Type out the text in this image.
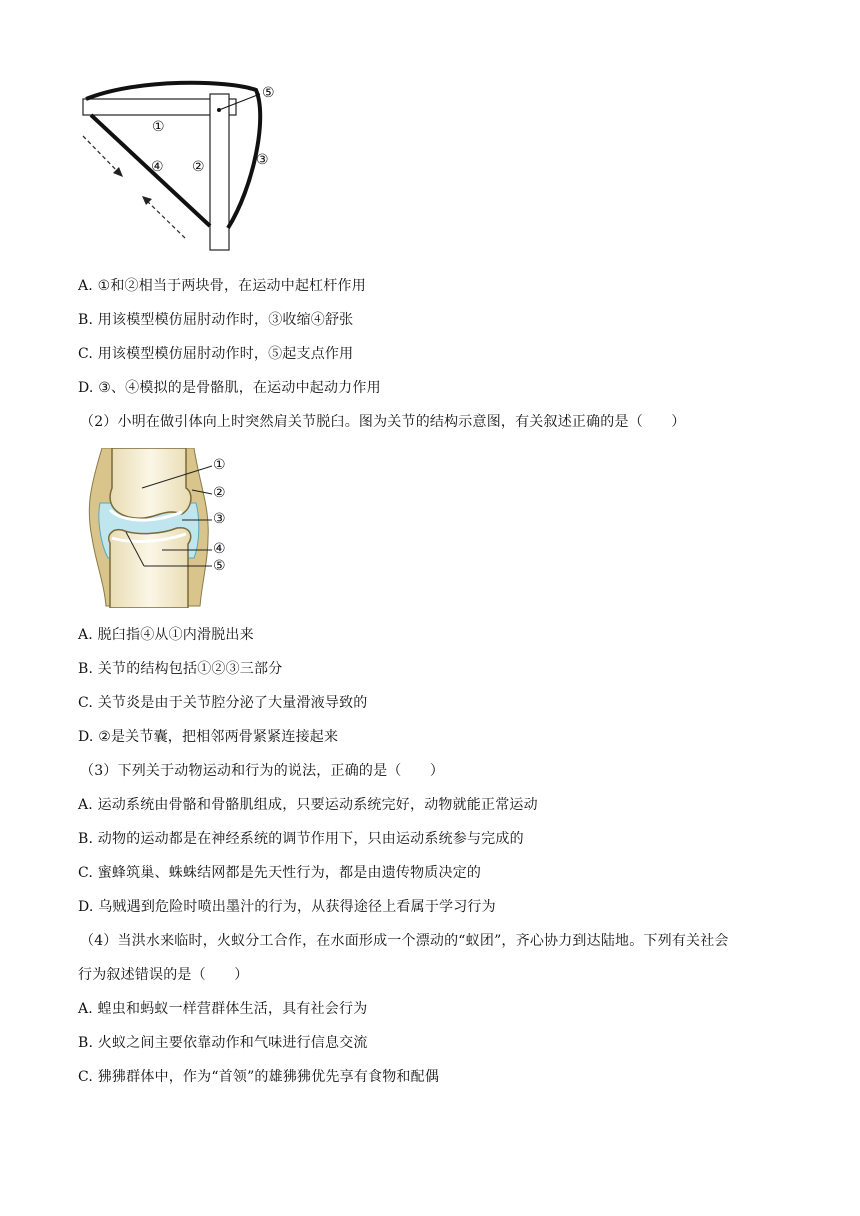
①
④ ②	③
⑤
A. ①和②相当于两块骨，在运动中起杠杆作用
B. 用该模型模仿屈肘动作时，③收缩④舒张
C. 用该模型模仿屈肘动作时，⑤起支点作用
D. ③、④模拟的是骨骼肌，在运动中起动力作用
（2）小明在做引体向上时突然肩关节脱臼。图为关节的结构示意图，有关叙述正确的是（　　）
①
②
③
④
⑤
A. 脱臼指④从①内滑脱出来
B. 关节的结构包括①②③三部分
C. 关节炎是由于关节腔分泌了大量滑液导致的
D. ②是关节囊，把相邻两骨紧紧连接起来
（3）下列关于动物运动和行为的说法，正确的是（　　）
A. 运动系统由骨骼和骨骼肌组成，只要运动系统完好，动物就能正常运动
B. 动物的运动都是在神经系统的调节作用下，只由运动系统参与完成的
C. 蜜蜂筑巢、蛛蛛结网都是先天性行为，都是由遗传物质决定的
D. 乌贼遇到危险时喷出墨汁的行为，从获得途径上看属于学习行为
（4）当洪水来临时，火蚁分工合作，在水面形成一个漂动的“蚁团”，齐心协力到达陆地。下列有关社会
行为叙述错误的是（　　）
A. 蝗虫和蚂蚁一样营群体生活，具有社会行为
B. 火蚁之间主要依靠动作和气味进行信息交流
C. 狒狒群体中，作为“首领”的雄狒狒优先享有食物和配偶
